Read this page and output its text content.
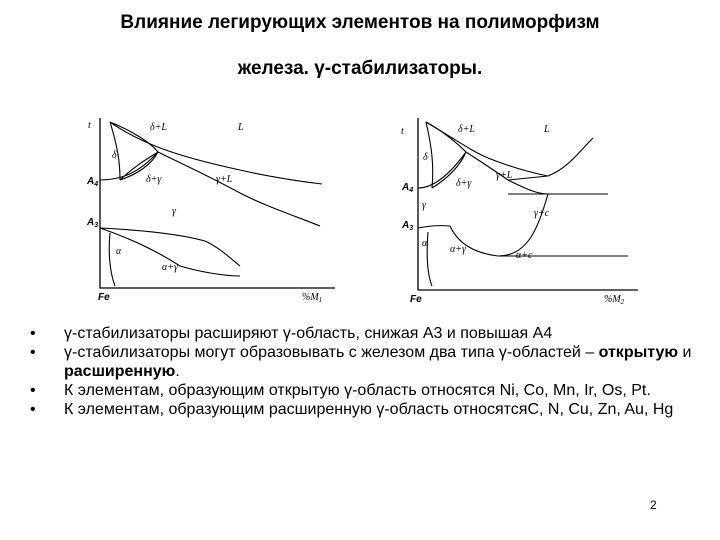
Влияние легирующих элементов на полиморфизм
железа. γ-стабилизаторы.
t	δ+L	L
δ
$A_4$	δ+γ	γ+L
γ
$A_3$
α
α+γ
Fe	$\%M_1$
t	δ+L	L
δ
$A_4$
δ+γ
γ+L
γ
γ+c
$A_3$
α
α+γ
α+c
Fe	$\%M_2$
• γ-стабилизаторы расширяют γ-область, снижая A3 и повышая A4
• γ-стабилизаторы могут образовывать с железом два типа γ-областей – открытую и расширенную.
• К элементам, образующим открытую γ-область относятся Ni, Co, Mn, Ir, Os, Pt.
• К элементам, образующим расширенную γ-область относятсяC, N, Cu, Zn, Au, Hg
2
